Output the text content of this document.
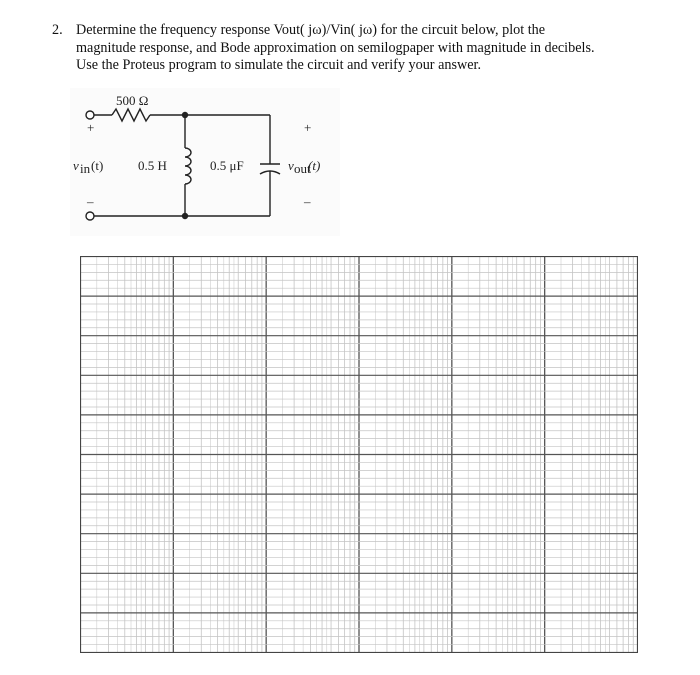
2. Determine the frequency response Vout( jω)/Vin( jω) for the circuit below, plot the
magnitude response, and Bode approximation on semilogpaper with magnitude in decibels.
Use the Proteus program to simulate the circuit and verify your answer.
500 Ω
0.5 H	0.5 μF
+
–
v in (t)
+
–
v out
(t)
